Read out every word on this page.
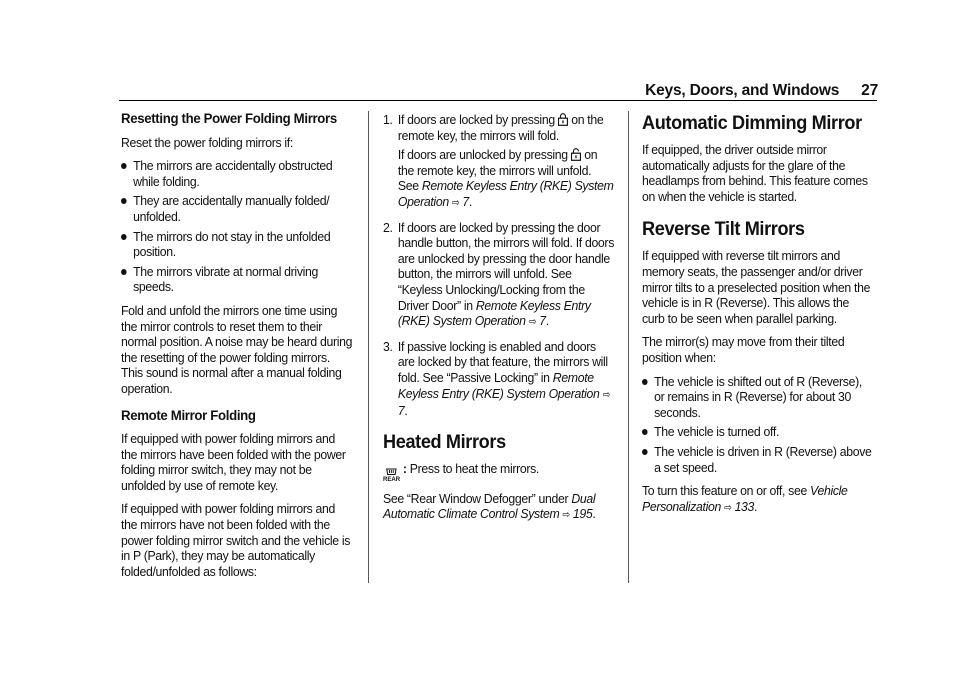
Keys, Doors, and Windows 27
Resetting the Power Folding Mirrors

Reset the power folding mirrors if:

The mirrors are accidentally obstructed while folding.
They are accidentally manually folded/ unfolded.
The mirrors do not stay in the unfolded position.
The mirrors vibrate at normal driving speeds.

Fold and unfold the mirrors one time using the mirror controls to reset them to their normal position. A noise may be heard during the resetting of the power folding mirrors. This sound is normal after a manual folding operation.

Remote Mirror Folding

If equipped with power folding mirrors and the mirrors have been folded with the power folding mirror switch, they may not be unfolded by use of remote key.

If equipped with power folding mirrors and the mirrors have not been folded with the power folding mirror switch and the vehicle is in P (Park), they may be automatically folded/unfolded as follows:

1. If doors are locked by pressing on the remote key, the mirrors will fold.

If doors are unlocked by pressing on the remote key, the mirrors will unfold. See Remote Keyless Entry (RKE) System Operation ⇨ 7.

2. If doors are locked by pressing the door handle button, the mirrors will fold. If doors are unlocked by pressing the door handle button, the mirrors will unfold. See “Keyless Unlocking/Locking from the Driver Door” in Remote Keyless Entry (RKE) System Operation ⇨ 7.

3. If passive locking is enabled and doors are locked by that feature, the mirrors will fold. See “Passive Locking” in Remote Keyless Entry (RKE) System Operation ⇨ 7.

Heated Mirrors

REAR
: Press to heat the mirrors.

See “Rear Window Defogger” under Dual Automatic Climate Control System ⇨ 195.

Automatic Dimming Mirror

If equipped, the driver outside mirror automatically adjusts for the glare of the headlamps from behind. This feature comes on when the vehicle is started.

Reverse Tilt Mirrors

If equipped with reverse tilt mirrors and memory seats, the passenger and/or driver mirror tilts to a preselected position when the vehicle is in R (Reverse). This allows the curb to be seen when parallel parking.

The mirror(s) may move from their tilted position when:

The vehicle is shifted out of R (Reverse), or remains in R (Reverse) for about 30 seconds.
The vehicle is turned off.
The vehicle is driven in R (Reverse) above a set speed.

To turn this feature on or off, see Vehicle Personalization ⇨ 133.
